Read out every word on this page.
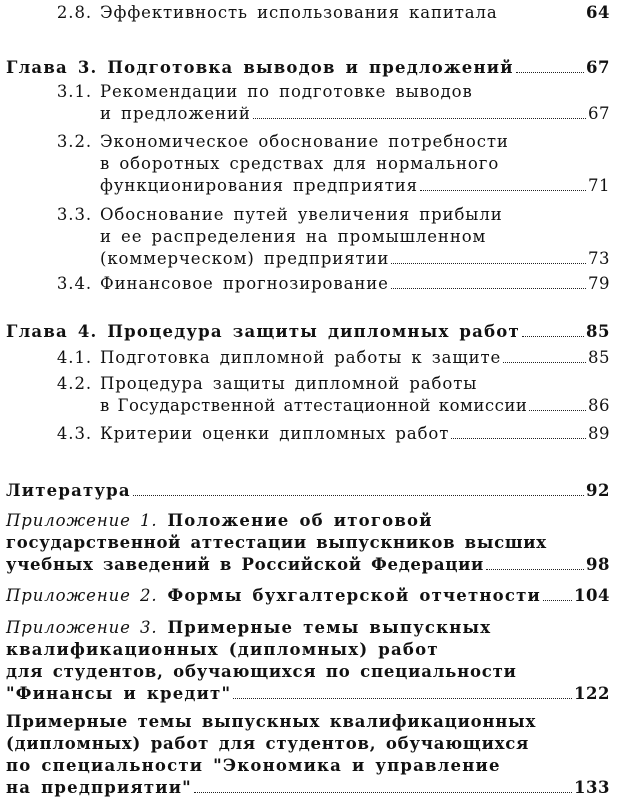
2.8. Эффективность использования капитала	64
Глава 3. Подготовка выводов и предложений	67
3.1. Рекомендации по подготовке выводов
и предложений	67
3.2. Экономическое обоснование потребности
в оборотных средствах для нормального
функционирования предприятия	71
3.3. Обоснование путей увеличения прибыли
и ее распределения на промышленном
(коммерческом) предприятии	73
3.4. Финансовое прогнозирование	79
Глава 4. Процедура защиты дипломных работ	85
4.1. Подготовка дипломной работы к защите	85
4.2. Процедура защиты дипломной работы
в Государственной аттестационной комиссии	86
4.3. Критерии оценки дипломных работ	89
Литература	92
Приложение 1. Положение об итоговой
государственной аттестации выпускников высших
учебных заведений в Российской Федерации	98
Приложение 2. Формы бухгалтерской отчетности 104
Приложение 3. Примерные темы выпускных
квалификационных (дипломных) работ
для студентов, обучающихся по специальности
"Финансы и кредит"	122
Примерные темы выпускных квалификационных
(дипломных) работ для студентов, обучающихся
по специальности "Экономика и управление
на предприятии"	133
